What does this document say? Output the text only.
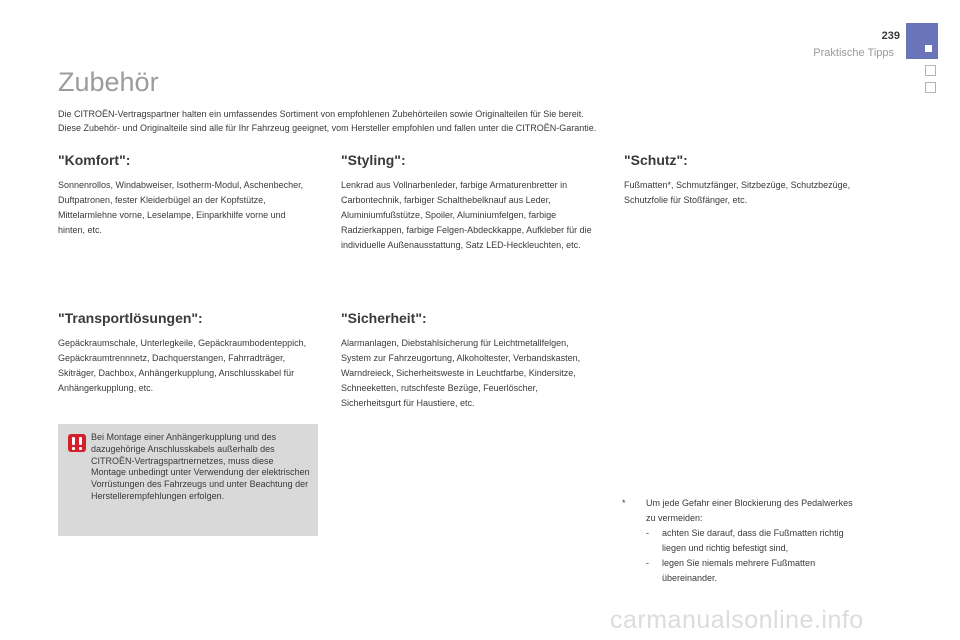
239
Praktische Tipps
Zubehör

Die CITROËN-Vertragspartner halten ein umfassendes Sortiment von empfohlenen Zubehörteilen sowie Originalteilen für Sie bereit.

Diese Zubehör- und Originalteile sind alle für Ihr Fahrzeug geeignet, vom Hersteller empfohlen und fallen unter die CITROËN-Garantie.

"Komfort":

Sonnenrollos, Windabweiser, Isotherm-Modul, Aschenbecher, Duftpatronen, fester Kleiderbügel an der Kopfstütze, Mittelarmlehne vorne, Leselampe, Einparkhilfe vorne und hinten, etc.

"Styling":

Lenkrad aus Vollnarbenleder, farbige Armaturenbretter in Carbontechnik, farbiger Schalthebelknauf aus Leder, Aluminiumfußstütze, Spoiler, Aluminiumfelgen, farbige Radzierkappen, farbige Felgen-Abdeckkappe, Aufkleber für die individuelle Außenausstattung, Satz LED-Heckleuchten, etc.

"Schutz":

Fußmatten*, Schmutzfänger, Sitzbezüge, Schutzbezüge, Schutzfolie für Stoßfänger, etc.

"Transportlösungen":

Gepäckraumschale, Unterlegkeile, Gepäckraumbodenteppich, Gepäckraumtrennnetz, Dachquerstangen, Fahrradträger, Skiträger, Dachbox, Anhängerkupplung, Anschlusskabel für Anhängerkupplung, etc.

"Sicherheit":

Alarmanlagen, Diebstahlsicherung für Leichtmetallfelgen, System zur Fahrzeugortung, Alkoholtester, Verbandskasten, Warndreieck, Sicherheitsweste in Leuchtfarbe, Kindersitze, Schneeketten, rutschfeste Bezüge, Feuerlöscher, Sicherheitsgurt für Haustiere, etc.

Bei Montage einer Anhängerkupplung und des dazugehörige Anschlusskabels außerhalb des CITROËN-Vertragspartnernetzes, muss diese Montage unbedingt unter Verwendung der elektrischen Vorrüstungen des Fahrzeugs und unter Beachtung der Herstellerempfehlungen erfolgen.
* Um jede Gefahr einer Blockierung des Pedalwerkes zu vermeiden:
- achten Sie darauf, dass die Fußmatten richtig liegen und richtig befestigt sind,
- legen Sie niemals mehrere Fußmatten übereinander.
carmanualsonline.info
